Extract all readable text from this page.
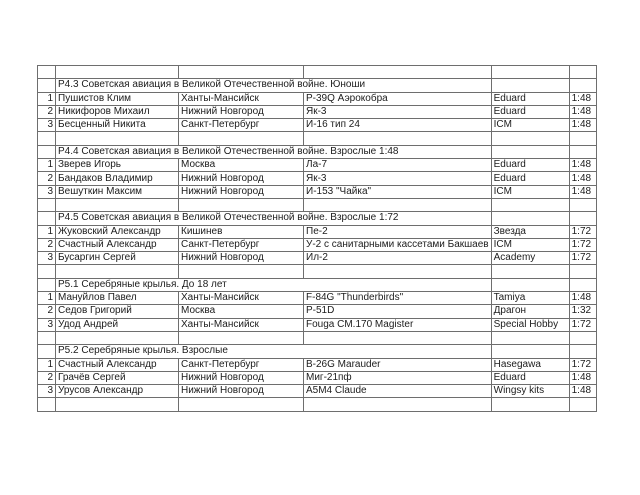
	Р4.3 Советская авиация в Великой Отечественной войне. Юноши				
1	Пушистов Клим	Ханты-Мансийск	P-39Q Аэрокобра	Eduard	1:48
2	Никифоров Михаил	Нижний Новгород	Як-3	Eduard	1:48
3	Бесценный Никита	Санкт-Петербург	И-16 тип 24	ICM	1:48

	Р4.4 Советская авиация в Великой Отечественной войне. Взрослые 1:48				
1	Зверев Игорь	Москва	Ла-7	Eduard	1:48
2	Бандаков Владимир	Нижний Новгород	Як-3	Eduard	1:48
3	Вешуткин Максим	Нижний Новгород	И-153 "Чайка"	ICM	1:48

	Р4.5 Советская авиация в Великой Отечественной войне. Взрослые 1:72				
1	Жуковский Александр	Кишинев	Пе-2	Звезда	1:72
2	Счастный Александр	Санкт-Петербург	У-2 с санитарными кассетами Бакшаев	ICM	1:72
3	Бусаргин Сергей	Нижний Новгород	Ил-2	Academy	1:72

	Р5.1 Серебряные крылья. До 18 лет				
1	Мануйлов Павел	Ханты-Мансийск	F-84G "Thunderbirds"	Tamiya	1:48
2	Седов Григорий	Москва	P-51D	Драгон	1:32
3	Удод Андрей	Ханты-Мансийск	Fouga CM.170 Magister	Special Hobby	1:72

	Р5.2 Серебряные крылья. Взрослые				
1	Счастный Александр	Санкт-Петербург	B-26G Marauder	Hasegawa	1:72
2	Грачёв Сергей	Нижний Новгород	Миг-21пф	Eduard	1:48
3	Урусов Александр	Нижний Новгород	A5M4 Claude	Wingsy kits	1:48
